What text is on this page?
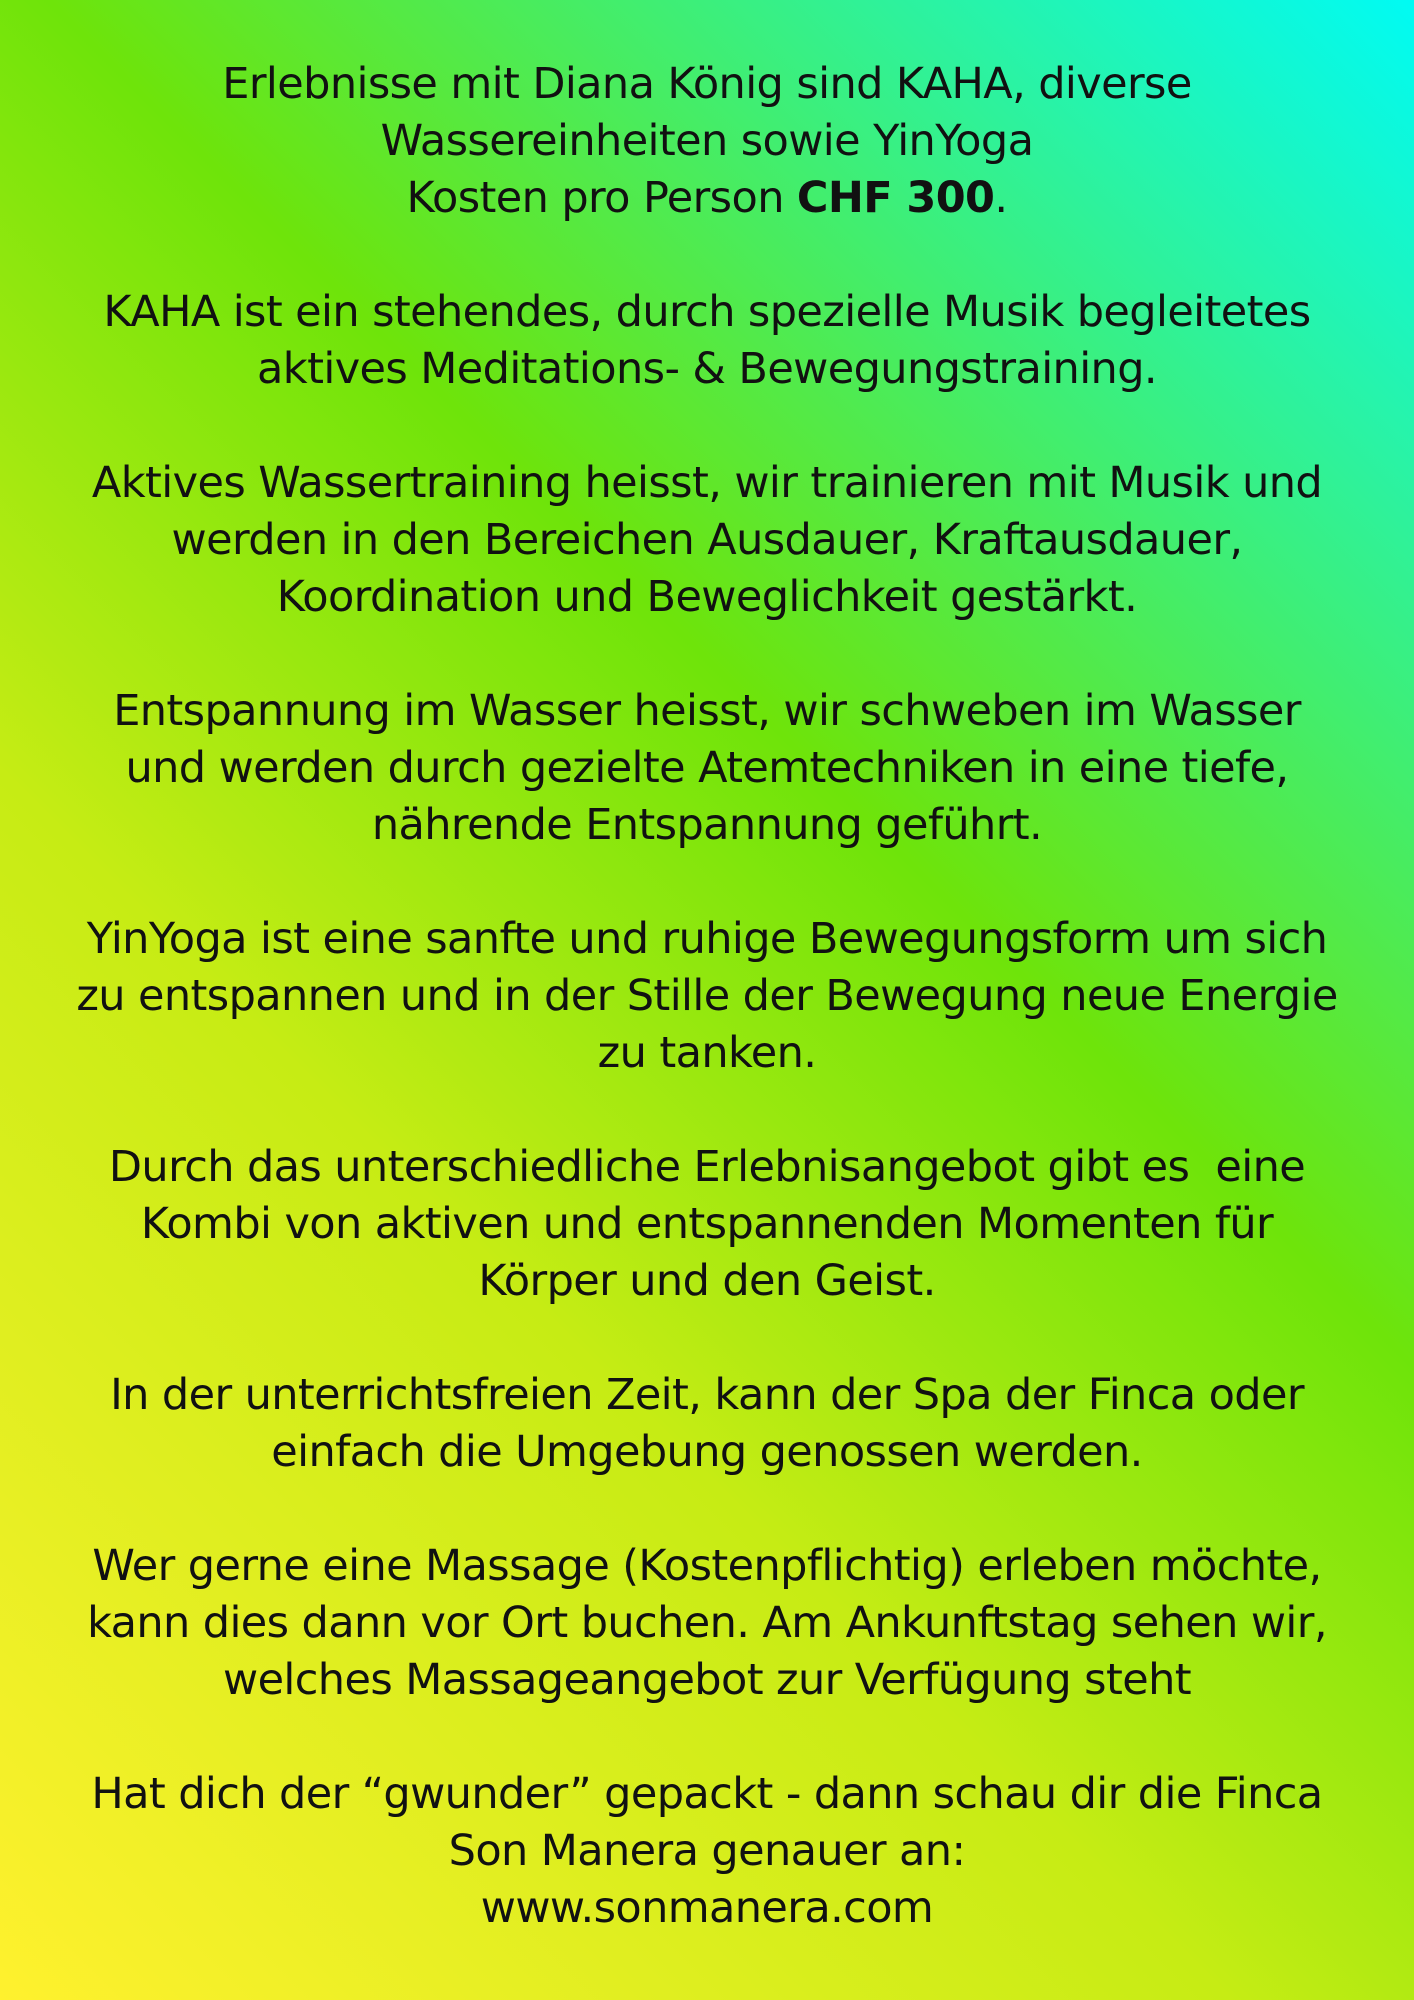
Erlebnisse mit Diana König sind KAHA, diverse
Wassereinheiten sowie YinYoga
Kosten pro Person CHF 300.

KAHA ist ein stehendes, durch spezielle Musik begleitetes
aktives Meditations- & Bewegungstraining.

Aktives Wassertraining heisst, wir trainieren mit Musik und
werden in den Bereichen Ausdauer, Kraftausdauer,
Koordination und Beweglichkeit gestärkt.

Entspannung im Wasser heisst, wir schweben im Wasser
und werden durch gezielte Atemtechniken in eine tiefe,
nährende Entspannung geführt.

YinYoga ist eine sanfte und ruhige Bewegungsform um sich
zu entspannen und in der Stille der Bewegung neue Energie
zu tanken.

Durch das unterschiedliche Erlebnisangebot gibt es  eine
Kombi von aktiven und entspannenden Momenten für
Körper und den Geist.

In der unterrichtsfreien Zeit, kann der Spa der Finca oder
einfach die Umgebung genossen werden.

Wer gerne eine Massage (Kostenpflichtig) erleben möchte,
kann dies dann vor Ort buchen. Am Ankunftstag sehen wir,
welches Massageangebot zur Verfügung steht

Hat dich der “gwunder” gepackt - dann schau dir die Finca
Son Manera genauer an:
www.sonmanera.com
